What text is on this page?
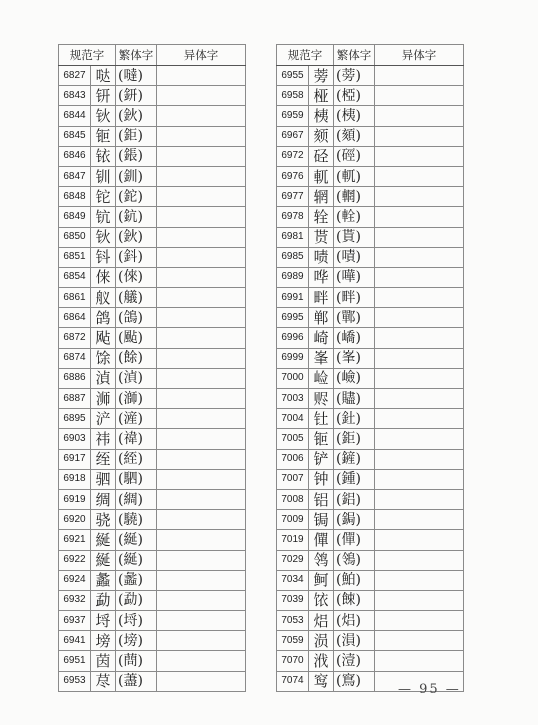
规范字		繁体字	异体字
6827	哒	(噠)	
6843	钘	(鈃)	
6844	钬	(鈥)	
6845	钷	(鉅)	
6846	铱	(鋹)	
6847	钏	(釧)	
6848	铊	(鉈)	
6849	钪	(鈧)	
6850	钬	(鈥)	
6851	钭	(鈄)	
6854	俫	(倈)	
6861	舣	(艤)	
6864	鸽	(鴿)	
6872	飐	(颭)	
6874	馀	(餘)	
6886	湞	(湞)	
6887	浉	(溮)	
6895	浐	(滻)	
6903	祎	(禕)	
6917	绖	(絰)	
6918	驷	(駟)	
6919	绸	(綢)	
6920	骁	(驍)	
6921	綖	(綖)	
6922	綖	(綖)	
6924	蠡	(蠡)	
6932	勐	(勐)	
6937	埒	(埒)	
6941	塝	(塝)	
6951	茵	(蔄)	
6953	荩	(藎)	
规范字		繁体字	异体字
6955	蒡	(蒡)	
6958	桠	(椏)	
6959	桋	(桋)	
6967	颏	(頦)	
6972	硁	(硜)	
6976	軏	(軏)	
6977	辋	(輞)	
6978	辁	(輇)	
6981	贳	(貰)	
6985	啧	(嘖)	
6989	哗	(嘩)	
6991	畔	(畔)	
6995	郸	(鄲)	
6996	崎	(嶠)	
6999	峯	(峯)	
7000	崄	(嶮)	
7003	赆	(贐)	
7004	钍	(釷)	
7005	钷	(鉅)	
7006	铲	(鏟)	
7007	钟	(鍾)	
7008	铝	(鋁)	
7009	锔	(鋦)	
7019	僤	(僤)	
7029	鸰	(鴒)	
7034	鲄	(鮊)	
7039	饻	(餗)	
7053	焒	(焒)	
7059	涢	(溳)	
7070	浌	(潱)	
7074	窎	(窵)	
— 95 —
